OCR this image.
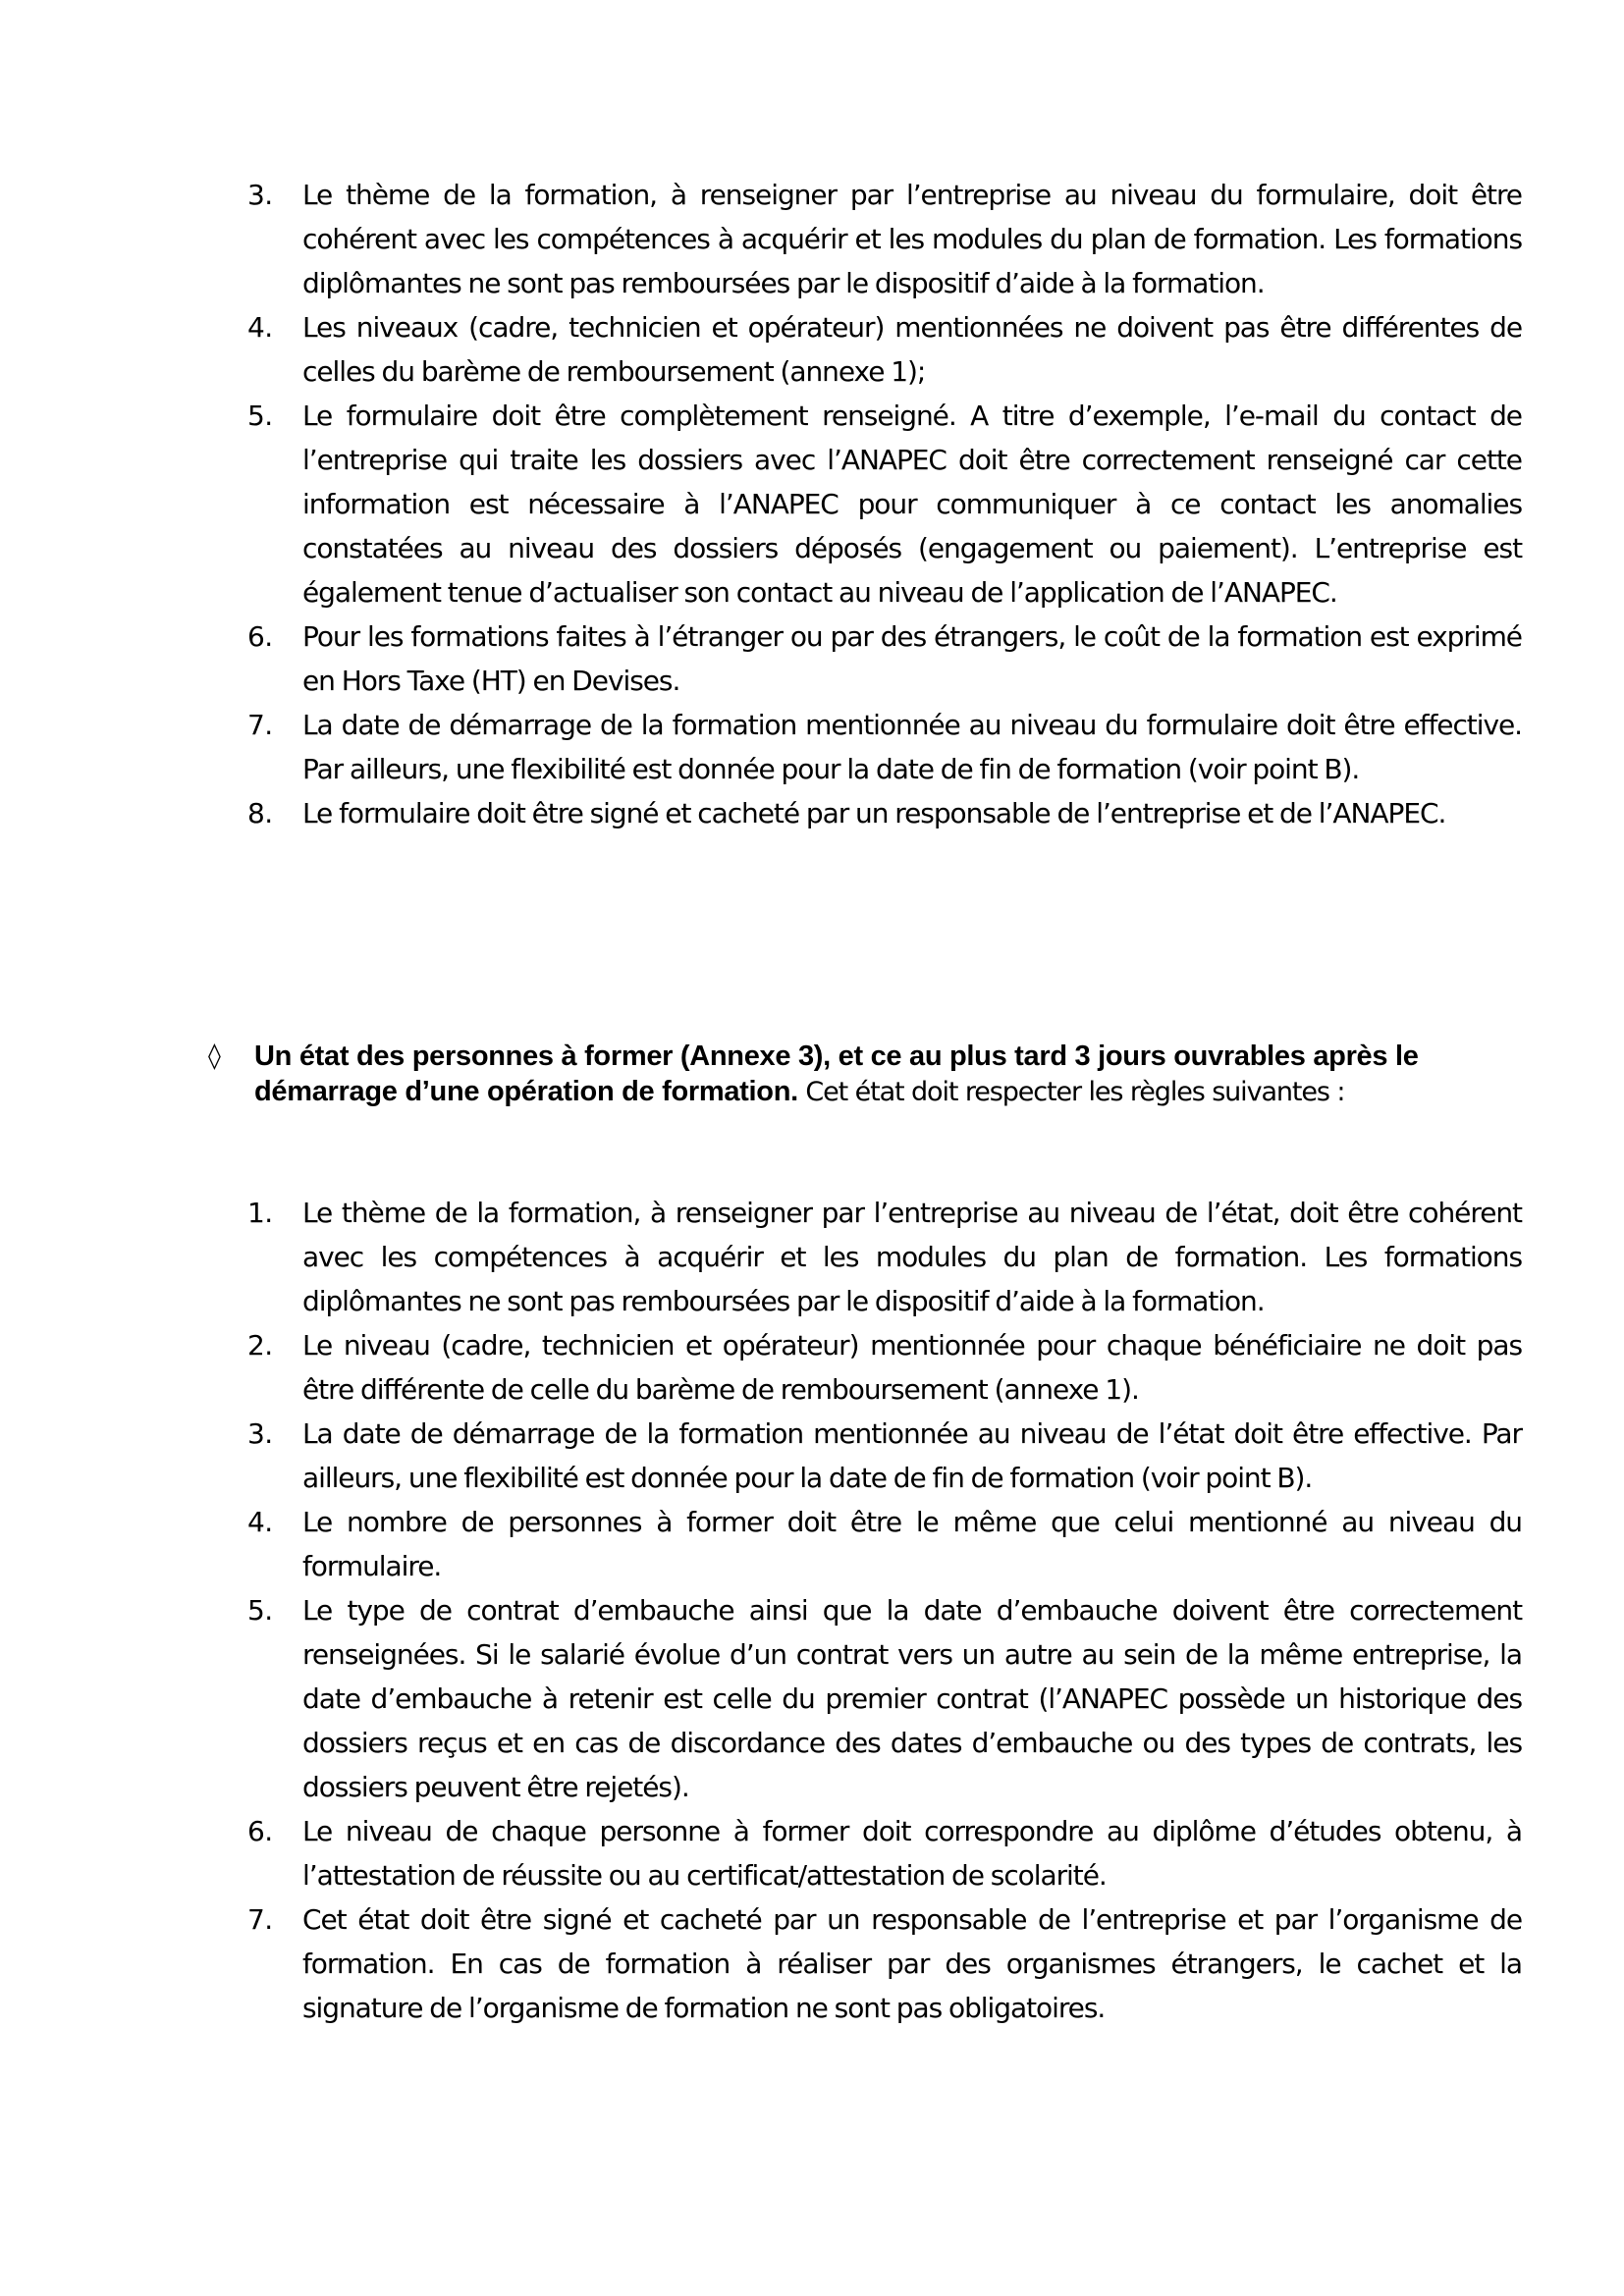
3. Le thème de la formation, à renseigner par l’entreprise au niveau du formulaire, doit être cohérent avec les compétences à acquérir et les modules du plan de formation. Les formations diplômantes ne sont pas remboursées par le dispositif d’aide à la formation.
4. Les niveaux (cadre, technicien et opérateur) mentionnées ne doivent pas être différentes de celles du barème de remboursement (annexe 1);
5. Le formulaire doit être complètement renseigné. A titre d’exemple, l’e-mail du contact de l’entreprise qui traite les dossiers avec l’ANAPEC doit être correctement renseigné car cette information est nécessaire à l’ANAPEC pour communiquer à ce contact les anomalies constatées au niveau des dossiers déposés (engagement ou paiement). L’entreprise est également tenue d’actualiser son contact au niveau de l’application de l’ANAPEC.
6. Pour les formations faites à l’étranger ou par des étrangers, le coût de la formation est exprimé en Hors Taxe (HT) en Devises.
7. La date de démarrage de la formation mentionnée au niveau du formulaire doit être effective. Par ailleurs, une flexibilité est donnée pour la date de fin de formation (voir point B).
8. Le formulaire doit être signé et cacheté par un responsable de l’entreprise et de l’ANAPEC.
◊ Un état des personnes à former (Annexe 3), et ce au plus tard 3 jours ouvrables après le démarrage d’une opération de formation. Cet état doit respecter les règles suivantes :
1. Le thème de la formation, à renseigner par l’entreprise au niveau de l’état, doit être cohérent avec les compétences à acquérir et les modules du plan de formation. Les formations diplômantes ne sont pas remboursées par le dispositif d’aide à la formation.
2. Le niveau (cadre, technicien et opérateur) mentionnée pour chaque bénéficiaire ne doit pas être différente de celle du barème de remboursement (annexe 1).
3. La date de démarrage de la formation mentionnée au niveau de l’état doit être effective. Par ailleurs, une flexibilité est donnée pour la date de fin de formation (voir point B).
4. Le nombre de personnes à former doit être le même que celui mentionné au niveau du formulaire.
5. Le type de contrat d’embauche ainsi que la date d’embauche doivent être correctement renseignées. Si le salarié évolue d’un contrat vers un autre au sein de la même entreprise, la date d’embauche à retenir est celle du premier contrat (l’ANAPEC possède un historique des dossiers reçus et en cas de discordance des dates d’embauche ou des types de contrats, les dossiers peuvent être rejetés).
6. Le niveau de chaque personne à former doit correspondre au diplôme d’études obtenu, à l’attestation de réussite ou au certificat/attestation de scolarité.
7. Cet état doit être signé et cacheté par un responsable de l’entreprise et par l’organisme de formation. En cas de formation à réaliser par des organismes étrangers, le cachet et la signature de l’organisme de formation ne sont pas obligatoires.
